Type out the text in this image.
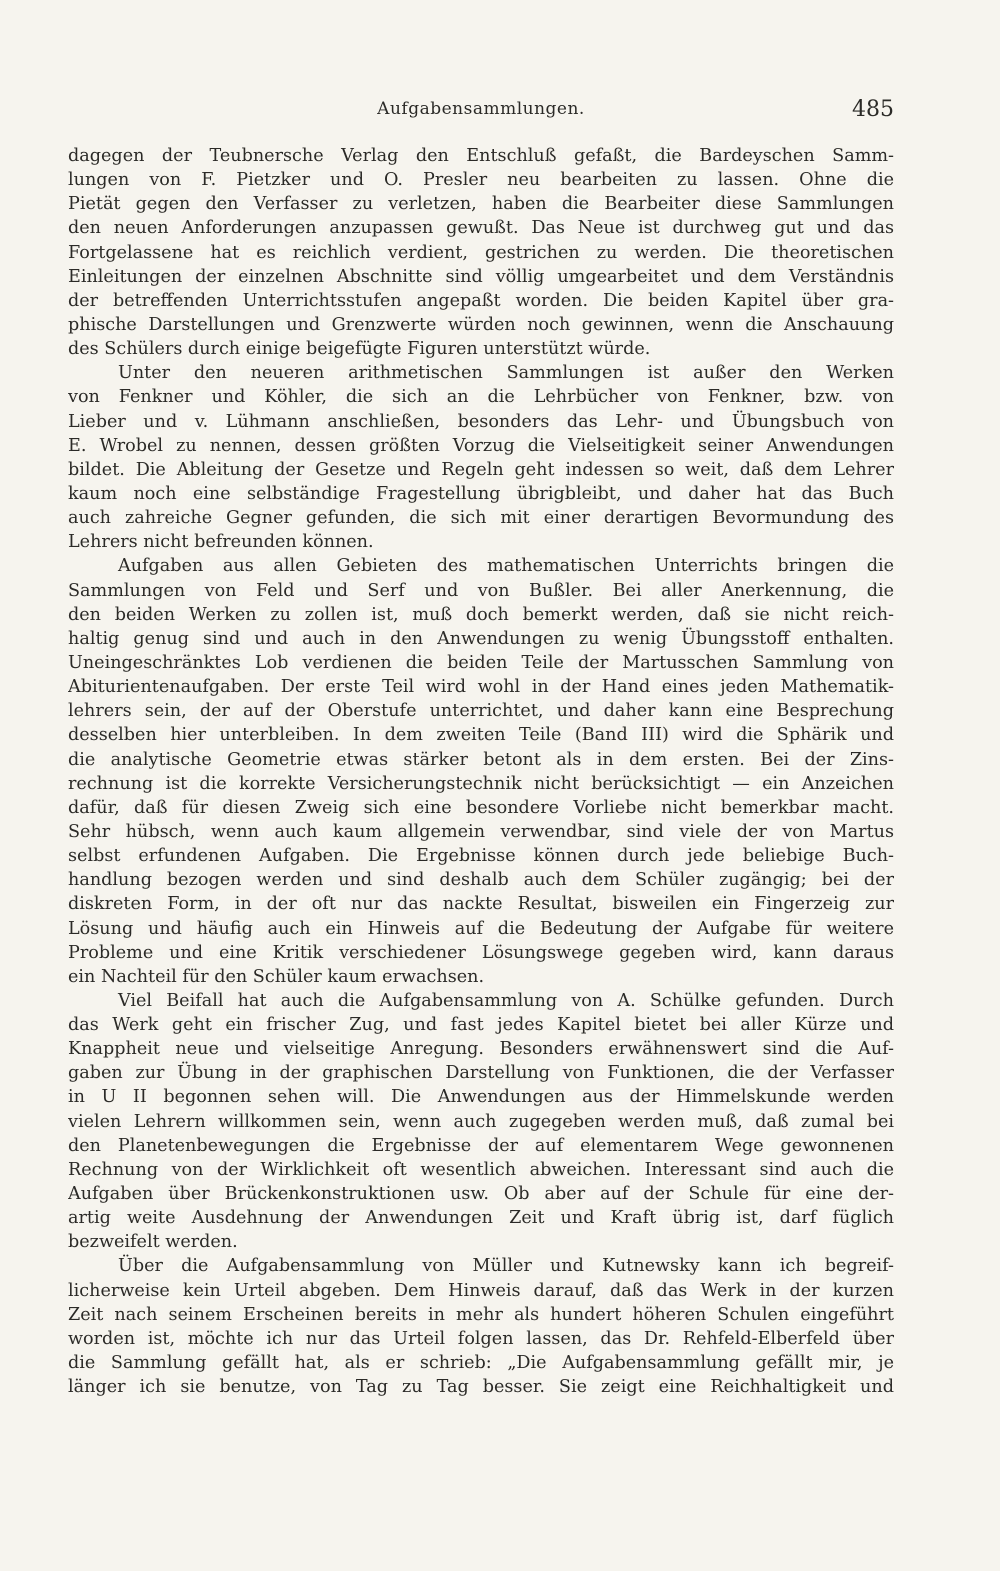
Aufgabensammlungen.	485

dagegen der Teubnersche Verlag den Entschluß gefaßt, die Bardeyschen Samm-
lungen von F. Pietzker und O. Presler neu bearbeiten zu lassen. Ohne die
Pietät gegen den Verfasser zu verletzen, haben die Bearbeiter diese Sammlungen
den neuen Anforderungen anzupassen gewußt. Das Neue ist durchweg gut und das
Fortgelassene hat es reichlich verdient, gestrichen zu werden. Die theoretischen
Einleitungen der einzelnen Abschnitte sind völlig umgearbeitet und dem Verständnis
der betreffenden Unterrichtsstufen angepaßt worden. Die beiden Kapitel über gra-
phische Darstellungen und Grenzwerte würden noch gewinnen, wenn die Anschauung
des Schülers durch einige beigefügte Figuren unterstützt würde.

Unter den neueren arithmetischen Sammlungen ist außer den Werken
von Fenkner und Köhler, die sich an die Lehrbücher von Fenkner, bzw. von
Lieber und v. Lühmann anschließen, besonders das Lehr- und Übungsbuch von
E. Wrobel zu nennen, dessen größten Vorzug die Vielseitigkeit seiner Anwendungen
bildet. Die Ableitung der Gesetze und Regeln geht indessen so weit, daß dem Lehrer
kaum noch eine selbständige Fragestellung übrigbleibt, und daher hat das Buch
auch zahreiche Gegner gefunden, die sich mit einer derartigen Bevormundung des
Lehrers nicht befreunden können.

Aufgaben aus allen Gebieten des mathematischen Unterrichts bringen die
Sammlungen von Feld und Serf und von Bußler. Bei aller Anerkennung, die
den beiden Werken zu zollen ist, muß doch bemerkt werden, daß sie nicht reich-
haltig genug sind und auch in den Anwendungen zu wenig Übungsstoff enthalten.
Uneingeschränktes Lob verdienen die beiden Teile der Martusschen Sammlung von
Abiturientenaufgaben. Der erste Teil wird wohl in der Hand eines jeden Mathematik-
lehrers sein, der auf der Oberstufe unterrichtet, und daher kann eine Besprechung
desselben hier unterbleiben. In dem zweiten Teile (Band III) wird die Sphärik und
die analytische Geometrie etwas stärker betont als in dem ersten. Bei der Zins-
rechnung ist die korrekte Versicherungstechnik nicht berücksichtigt — ein Anzeichen
dafür, daß für diesen Zweig sich eine besondere Vorliebe nicht bemerkbar macht.
Sehr hübsch, wenn auch kaum allgemein verwendbar, sind viele der von Martus
selbst erfundenen Aufgaben. Die Ergebnisse können durch jede beliebige Buch-
handlung bezogen werden und sind deshalb auch dem Schüler zugängig; bei der
diskreten Form, in der oft nur das nackte Resultat, bisweilen ein Fingerzeig zur
Lösung und häufig auch ein Hinweis auf die Bedeutung der Aufgabe für weitere
Probleme und eine Kritik verschiedener Lösungswege gegeben wird, kann daraus
ein Nachteil für den Schüler kaum erwachsen.

Viel Beifall hat auch die Aufgabensammlung von A. Schülke gefunden. Durch
das Werk geht ein frischer Zug, und fast jedes Kapitel bietet bei aller Kürze und
Knappheit neue und vielseitige Anregung. Besonders erwähnenswert sind die Auf-
gaben zur Übung in der graphischen Darstellung von Funktionen, die der Verfasser
in U II begonnen sehen will. Die Anwendungen aus der Himmelskunde werden
vielen Lehrern willkommen sein, wenn auch zugegeben werden muß, daß zumal bei
den Planetenbewegungen die Ergebnisse der auf elementarem Wege gewonnenen
Rechnung von der Wirklichkeit oft wesentlich abweichen. Interessant sind auch die
Aufgaben über Brückenkonstruktionen usw. Ob aber auf der Schule für eine der-
artig weite Ausdehnung der Anwendungen Zeit und Kraft übrig ist, darf füglich
bezweifelt werden.

Über die Aufgabensammlung von Müller und Kutnewsky kann ich begreif-
licherweise kein Urteil abgeben. Dem Hinweis darauf, daß das Werk in der kurzen
Zeit nach seinem Erscheinen bereits in mehr als hundert höheren Schulen eingeführt
worden ist, möchte ich nur das Urteil folgen lassen, das Dr. Rehfeld-Elberfeld über
die Sammlung gefällt hat, als er schrieb: „Die Aufgabensammlung gefällt mir, je
länger ich sie benutze, von Tag zu Tag besser. Sie zeigt eine Reichhaltigkeit und
